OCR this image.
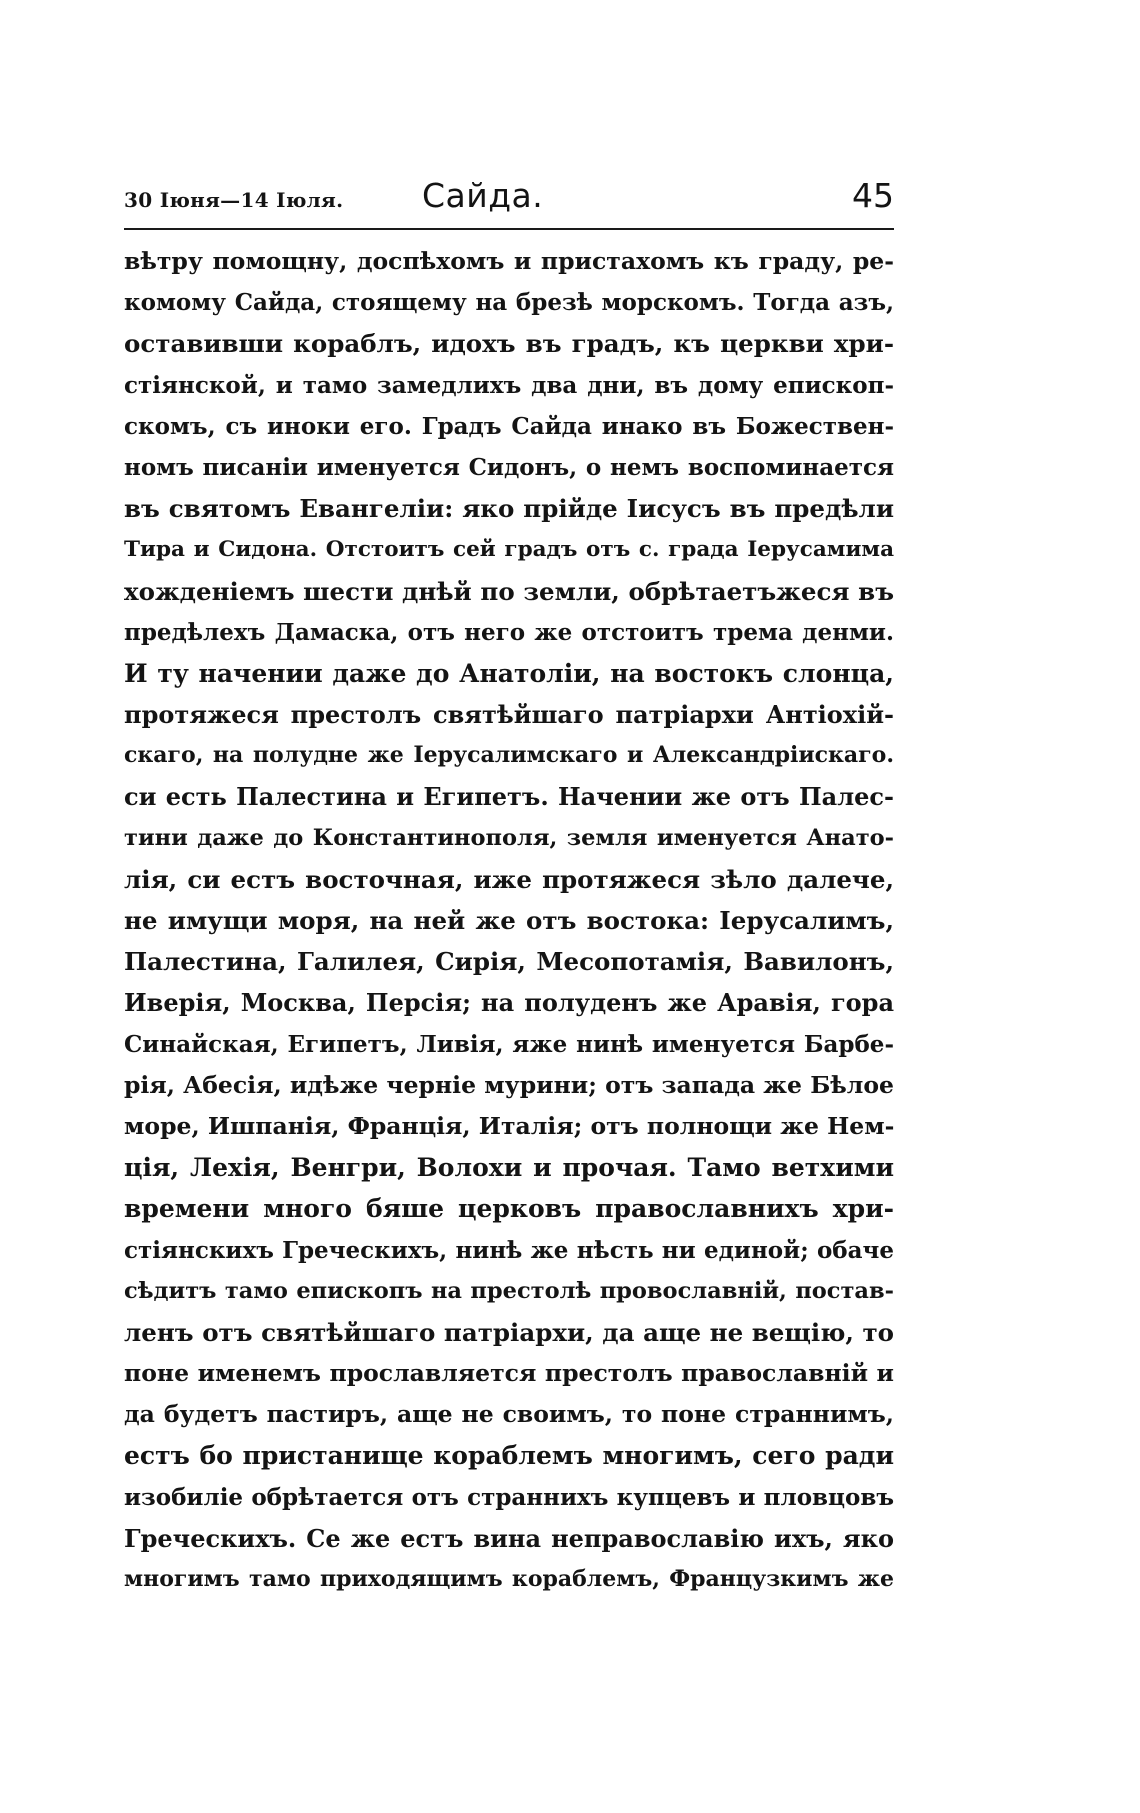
30 Іюня—14 Іюля. Сайда.	45
вѣтру помощну, доспѣхомъ и пристахомъ къ граду, ре-
комому Сайда, стоящему на брезѣ морскомъ. Тогда азъ,
оставивши кораблъ, идохъ въ градъ, къ церкви хри-
стіянской, и тамо замедлихъ два дни, въ дому епископ-
скомъ, съ иноки его. Градъ Сайда инако въ Божествен-
номъ писаніи именуется Сидонъ, о немъ воспоминается
въ святомъ Евангеліи: яко прійде Іисусъ въ предѣли
Тира и Сидона. Отстоитъ сей градъ отъ с. града Іерусамима
хожденіемъ шести днѣй по земли, обрѣтаетъжеся въ
предѣлехъ Дамаска, отъ него же отстоитъ трема денми.
И ту начении даже до Анатоліи, на востокъ слонца,
протяжеся престолъ святѣйшаго патріархи Антіохій-
скаго, на полудне же Іерусалимскаго и Александріискаго.
си есть Палестина и Египетъ. Начении же отъ Палес-
тини даже до Константинополя, земля именуется Анато-
лія, си естъ восточная, иже протяжеся зѣло далече,
не имущи моря, на ней же отъ востока: Іерусалимъ,
Палестина, Галилея, Сирія, Месопотамія, Вавилонъ,
Иверія, Москва, Персія; на полуденъ же Аравія, гора
Синайская, Египетъ, Ливія, яже нинѣ именуется Барбе-
рія, Абесія, идѣже черніе мурини; отъ запада же Бѣлое
море, Ишпанія, Франція, Италія; отъ полнощи же Нем-
ція, Лехія, Венгри, Волохи и прочая. Тамо ветхими
времени много бяше церковъ православнихъ хри-
стіянскихъ Греческихъ, нинѣ же нѣсть ни единой; обаче
сѣдитъ тамо епископъ на престолѣ провославній, постав-
ленъ отъ святѣйшаго патріархи, да аще не вещію, то
поне именемъ прославляется престолъ православній и
да будетъ пастиръ, аще не своимъ, то поне страннимъ,
естъ бо пристанище кораблемъ многимъ, сего ради
изобиліе обрѣтается отъ страннихъ купцевъ и пловцовъ
Греческихъ. Се же естъ вина неправославію ихъ, яко
многимъ тамо приходящимъ кораблемъ, Французкимъ же
